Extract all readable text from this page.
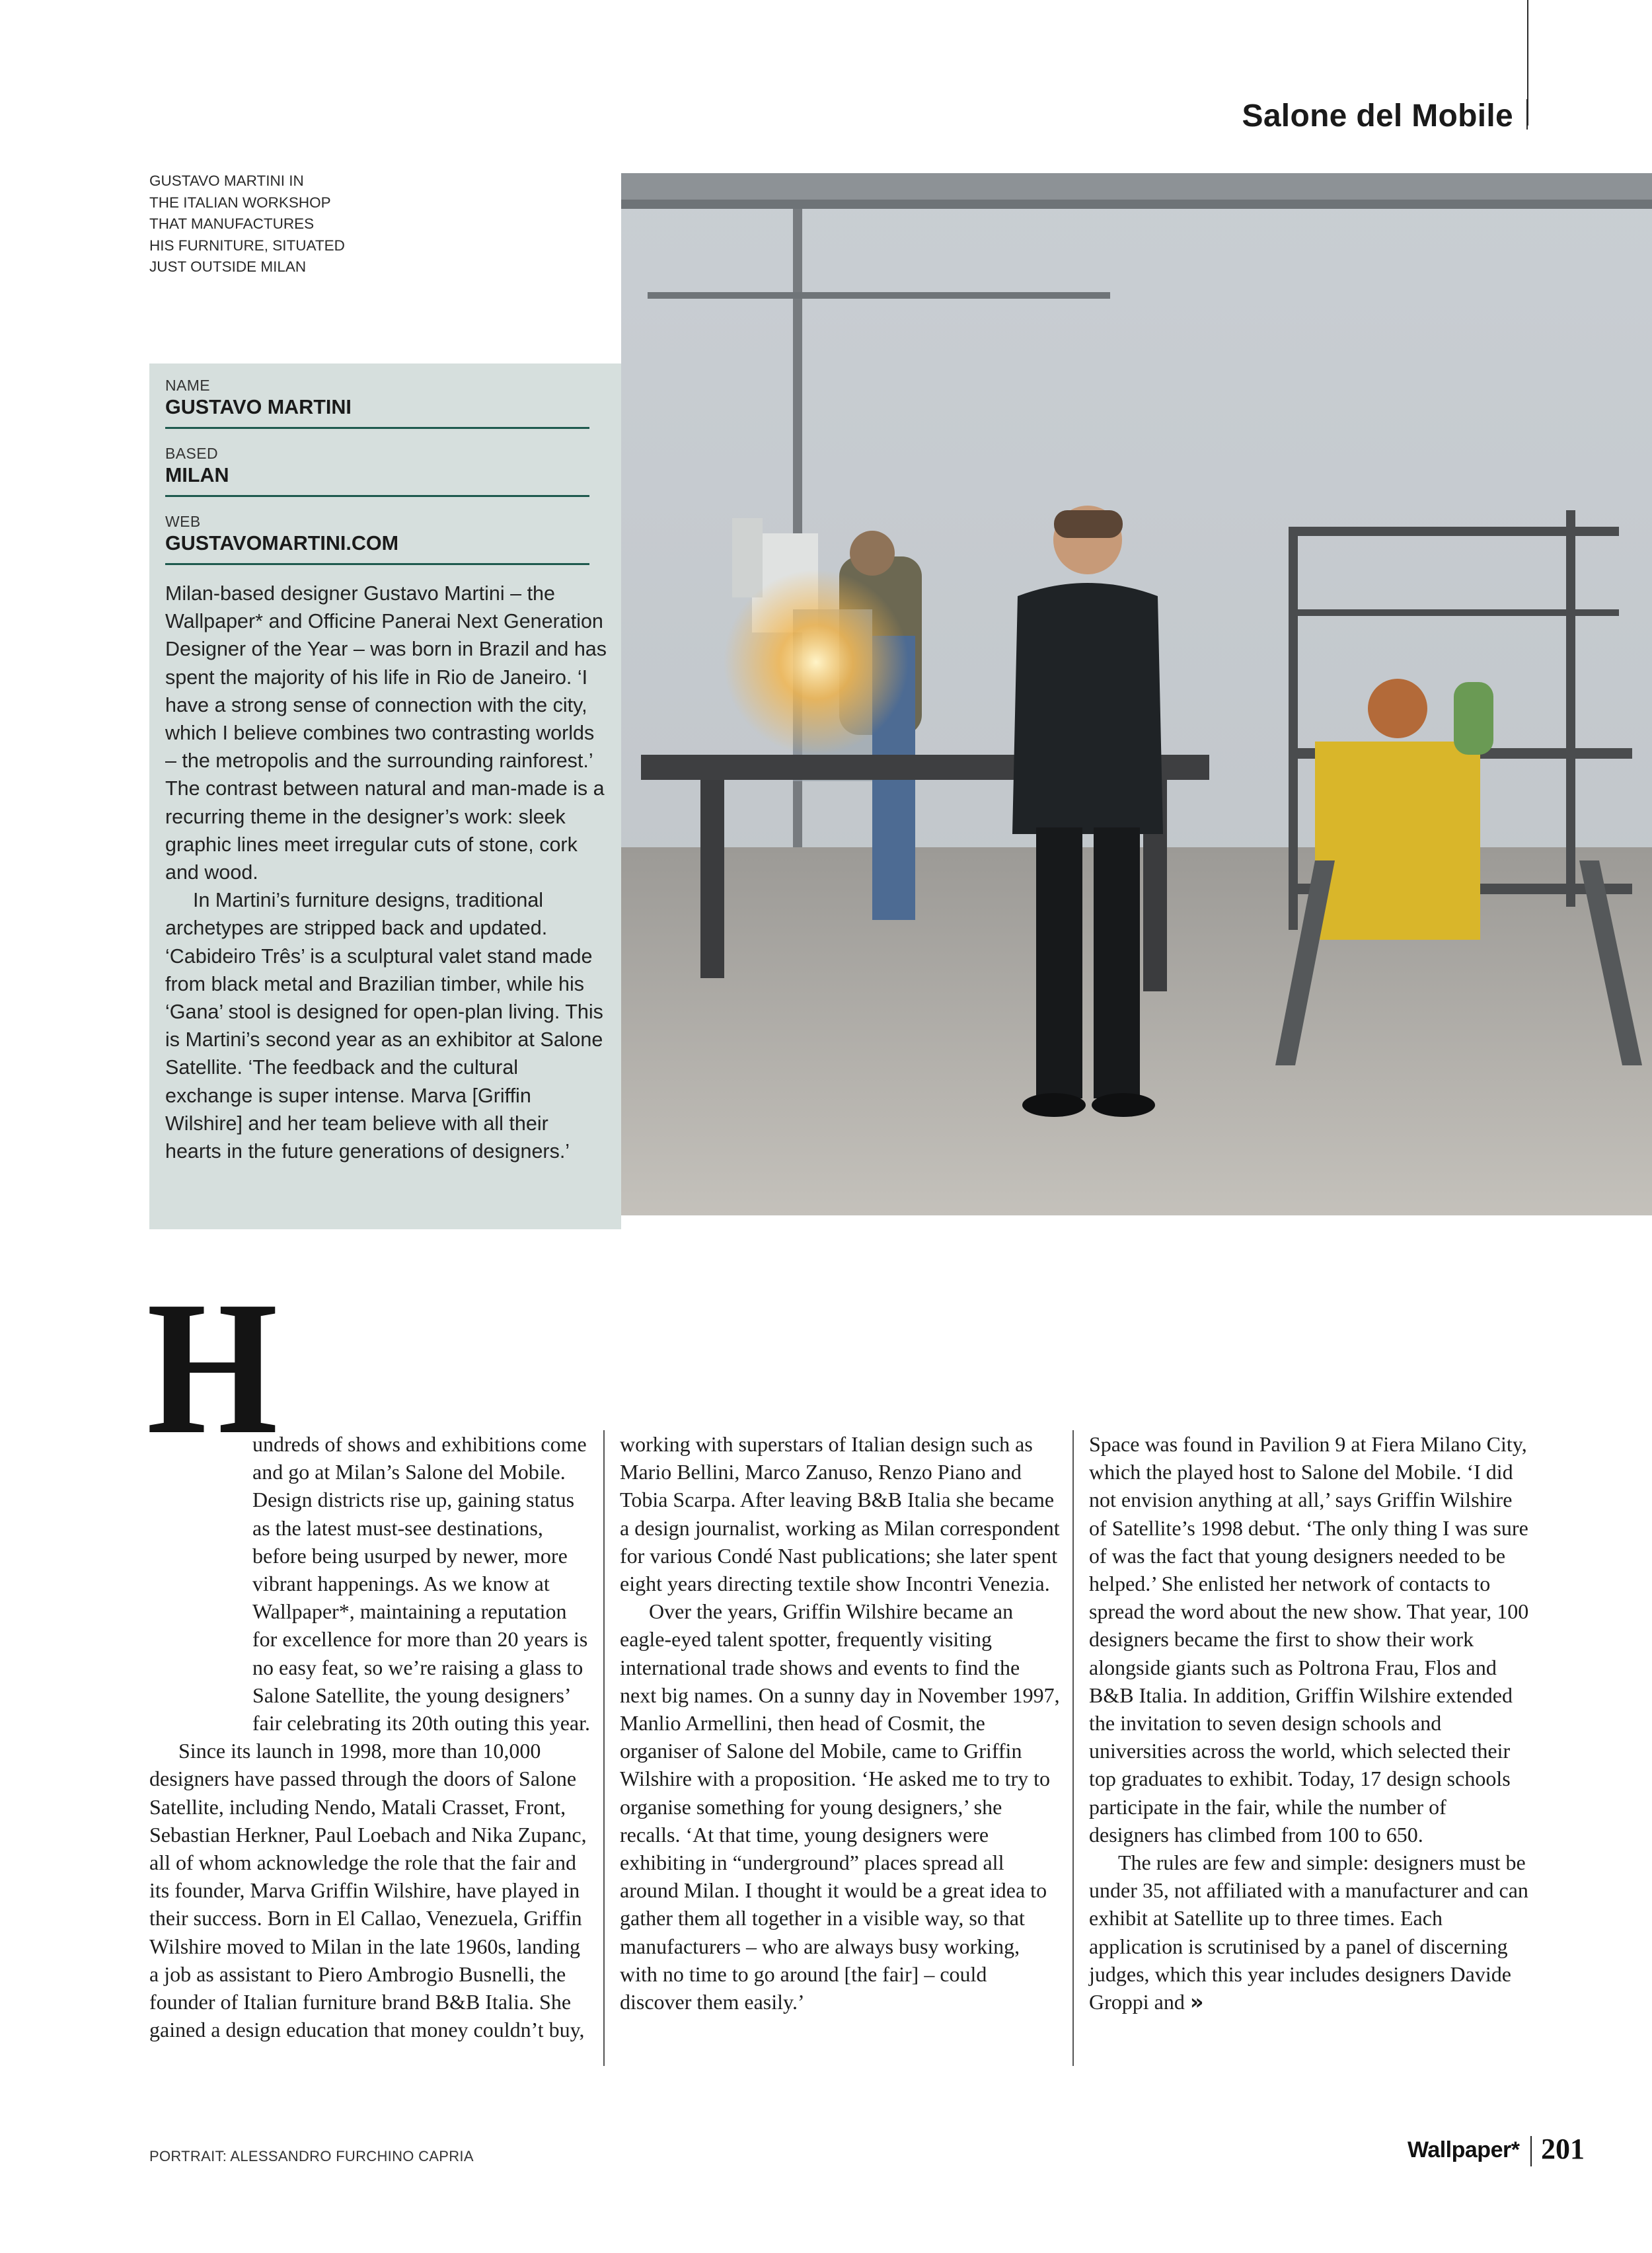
Salone del Mobile
GUSTAVO MARTINI IN
THE ITALIAN WORKSHOP
THAT MANUFACTURES
HIS FURNITURE, SITUATED
JUST OUTSIDE MILAN
NAME
GUSTAVO MARTINI
BASED
MILAN
WEB
GUSTAVOMARTINI.COM

Milan-based designer Gustavo Martini – the Wallpaper* and Officine Panerai Next Generation Designer of the Year – was born in Brazil and has spent the majority of his life in Rio de Janeiro. ‘I have a strong sense of connection with the city, which I believe combines two contrasting worlds – the metropolis and the surrounding rainforest.’ The contrast between natural and man-made is a recurring theme in the designer’s work: sleek graphic lines meet irregular cuts of stone, cork and wood.

In Martini’s furniture designs, traditional archetypes are stripped back and updated. ‘Cabideiro Três’ is a sculptural valet stand made from black metal and Brazilian timber, while his ‘Gana’ stool is designed for open-plan living. This is Martini’s second year as an exhibitor at Salone Satellite. ‘The feedback and the cultural exchange is super intense. Marva [Griffin Wilshire] and her team believe with all their hearts in the future generations of designers.’

H

undreds of shows and exhibitions come and go at Milan’s Salone del Mobile. Design districts rise up, gaining status as the latest must-see destinations, before being usurped by newer, more vibrant happenings. As we know at Wallpaper*, maintaining a reputation for excellence for more than 20 years is no easy feat, so we’re raising a glass to Salone Satellite, the young designers’ fair celebrating its 20th outing this year.

Since its launch in 1998, more than 10,000 designers have passed through the doors of Salone Satellite, including Nendo, Matali Crasset, Front, Sebastian Herkner, Paul Loebach and Nika Zupanc, all of whom acknowledge the role that the fair and its founder, Marva Griffin Wilshire, have played in their success. Born in El Callao, Venezuela, Griffin Wilshire moved to Milan in the late 1960s, landing a job as assistant to Piero Ambrogio Busnelli, the founder of Italian furniture brand B&B Italia. She gained a design education that money couldn’t buy,

working with superstars of Italian design such as Mario Bellini, Marco Zanuso, Renzo Piano and Tobia Scarpa. After leaving B&B Italia she became a design journalist, working as Milan correspondent for various Condé Nast publications; she later spent eight years directing textile show Incontri Venezia.

Over the years, Griffin Wilshire became an eagle-eyed talent spotter, frequently visiting international trade shows and events to find the next big names. On a sunny day in November 1997, Manlio Armellini, then head of Cosmit, the organiser of Salone del Mobile, came to Griffin Wilshire with a proposition. ‘He asked me to try to organise something for young designers,’ she recalls. ‘At that time, young designers were exhibiting in “underground” places spread all around Milan. I thought it would be a great idea to gather them all together in a visible way, so that manufacturers – who are always busy working, with no time to go around [the fair] – could discover them easily.’

Space was found in Pavilion 9 at Fiera Milano City, which the played host to Salone del Mobile. ‘I did not envision anything at all,’ says Griffin Wilshire of Satellite’s 1998 debut. ‘The only thing I was sure of was the fact that young designers needed to be helped.’ She enlisted her network of contacts to spread the word about the new show. That year, 100 designers became the first to show their work alongside giants such as Poltrona Frau, Flos and B&B Italia. In addition, Griffin Wilshire extended the invitation to seven design schools and universities across the world, which selected their top graduates to exhibit. Today, 17 design schools participate in the fair, while the number of designers has climbed from 100 to 650.

The rules are few and simple: designers must be under 35, not affiliated with a manufacturer and can exhibit at Satellite up to three times. Each application is scrutinised by a panel of discerning judges, which this year includes designers Davide Groppi and »

PORTRAIT: ALESSANDRO FURCHINO CAPRIA	Wallpaper* 201
